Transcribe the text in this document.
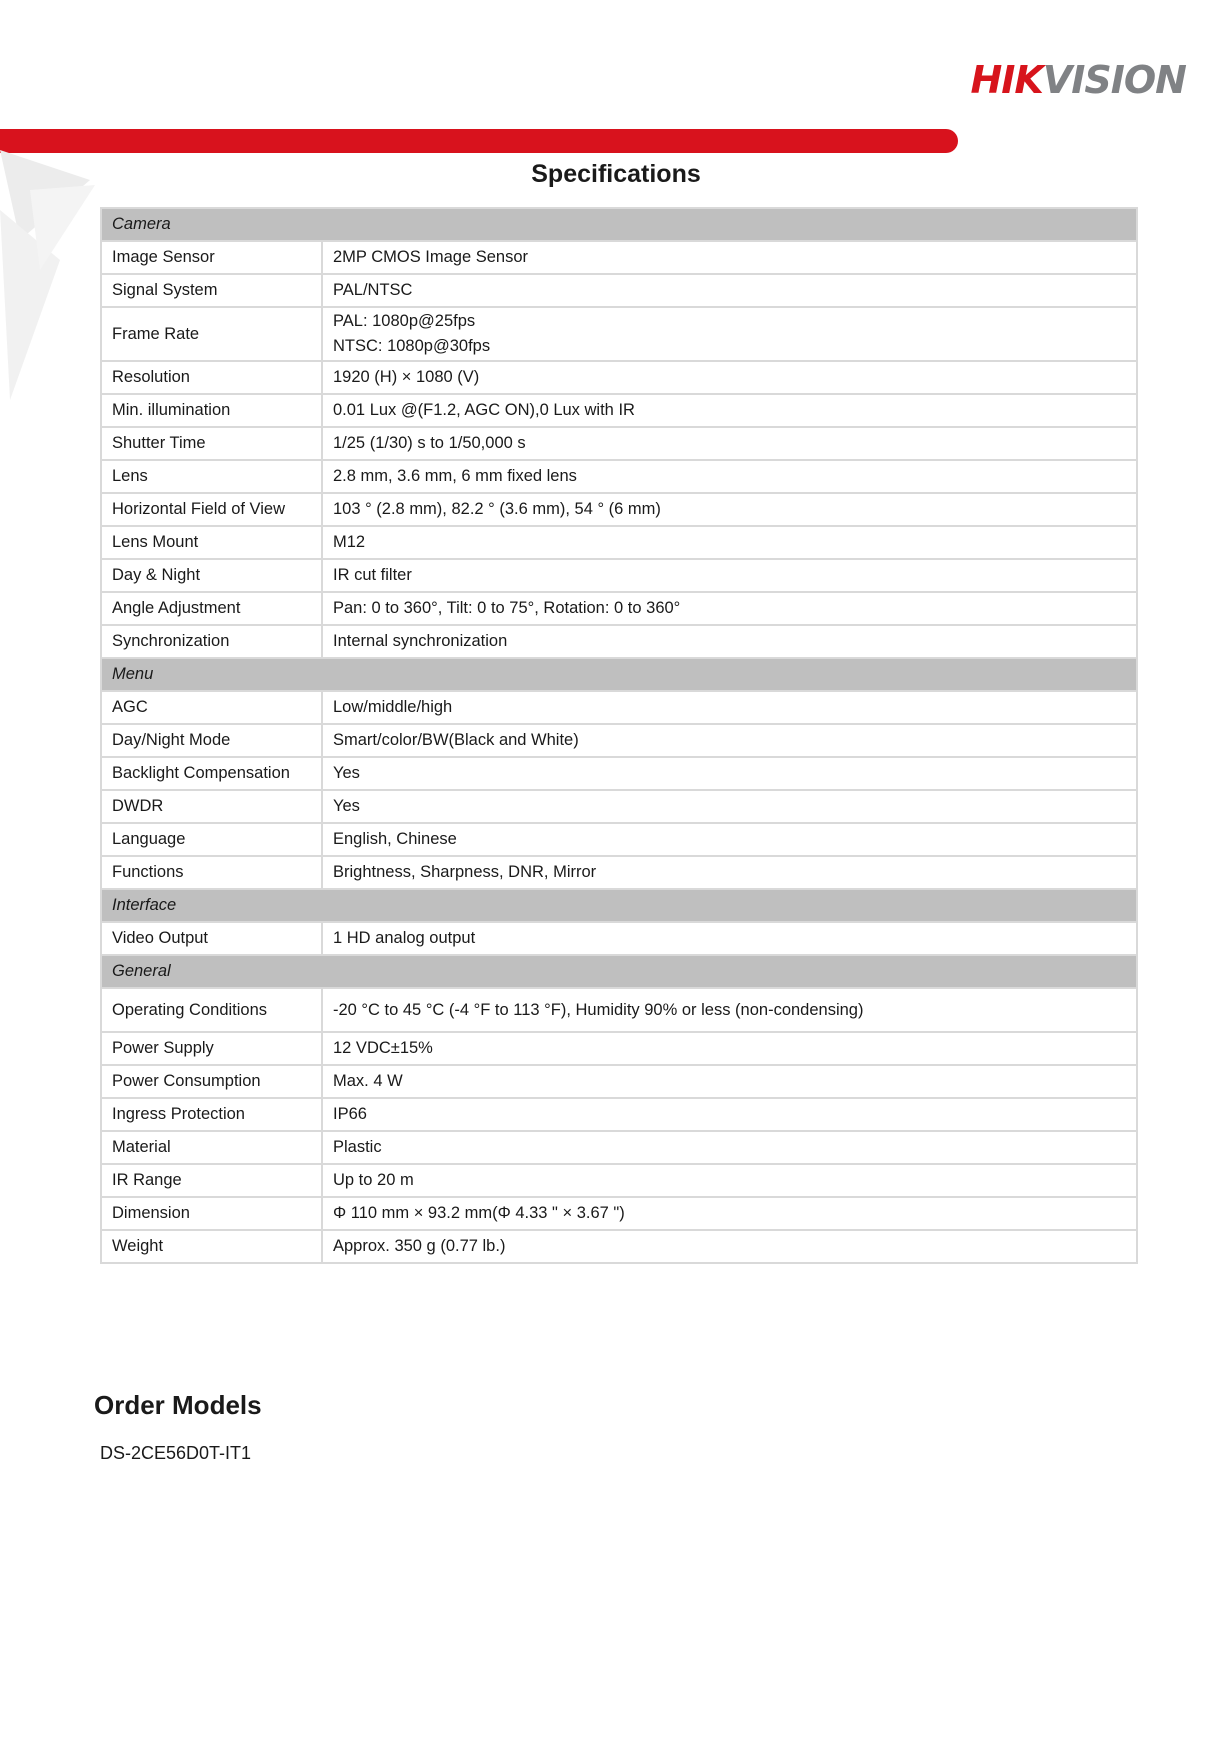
HIKVISION
Specifications
Camera	
Image Sensor	2MP CMOS Image Sensor
Signal System	PAL/NTSC
Frame Rate	PAL: 1080p@25fps
NTSC: 1080p@30fps

Resolution	1920 (H) × 1080 (V)
Min. illumination	0.01 Lux @(F1.2, AGC ON),0 Lux with IR
Shutter Time	1/25 (1/30) s to 1/50,000 s
Lens	2.8 mm, 3.6 mm, 6 mm fixed lens
Horizontal Field of View	103 ° (2.8 mm), 82.2 ° (3.6 mm), 54 ° (6 mm)
Lens Mount	M12
Day & Night	IR cut filter
Angle Adjustment	Pan: 0 to 360°, Tilt: 0 to 75°, Rotation: 0 to 360°
Synchronization	Internal synchronization
Menu	
AGC	Low/middle/high
Day/Night Mode	Smart/color/BW(Black and White)
Backlight Compensation	Yes
DWDR	Yes
Language	English, Chinese
Functions	Brightness, Sharpness, DNR, Mirror
Interface	
Video Output	1 HD analog output
General	
Operating Conditions	-20 °C to 45 °C (-4 °F to 113 °F), Humidity 90% or less (non-condensing)
Power Supply	12 VDC±15%
Power Consumption	Max. 4 W
Ingress Protection	IP66
Material	Plastic
IR Range	Up to 20 m
Dimension	Φ 110 mm × 93.2 mm(Φ 4.33 " × 3.67 ")
Weight	Approx. 350 g (0.77 lb.)
Order Models
DS-2CE56D0T-IT1
